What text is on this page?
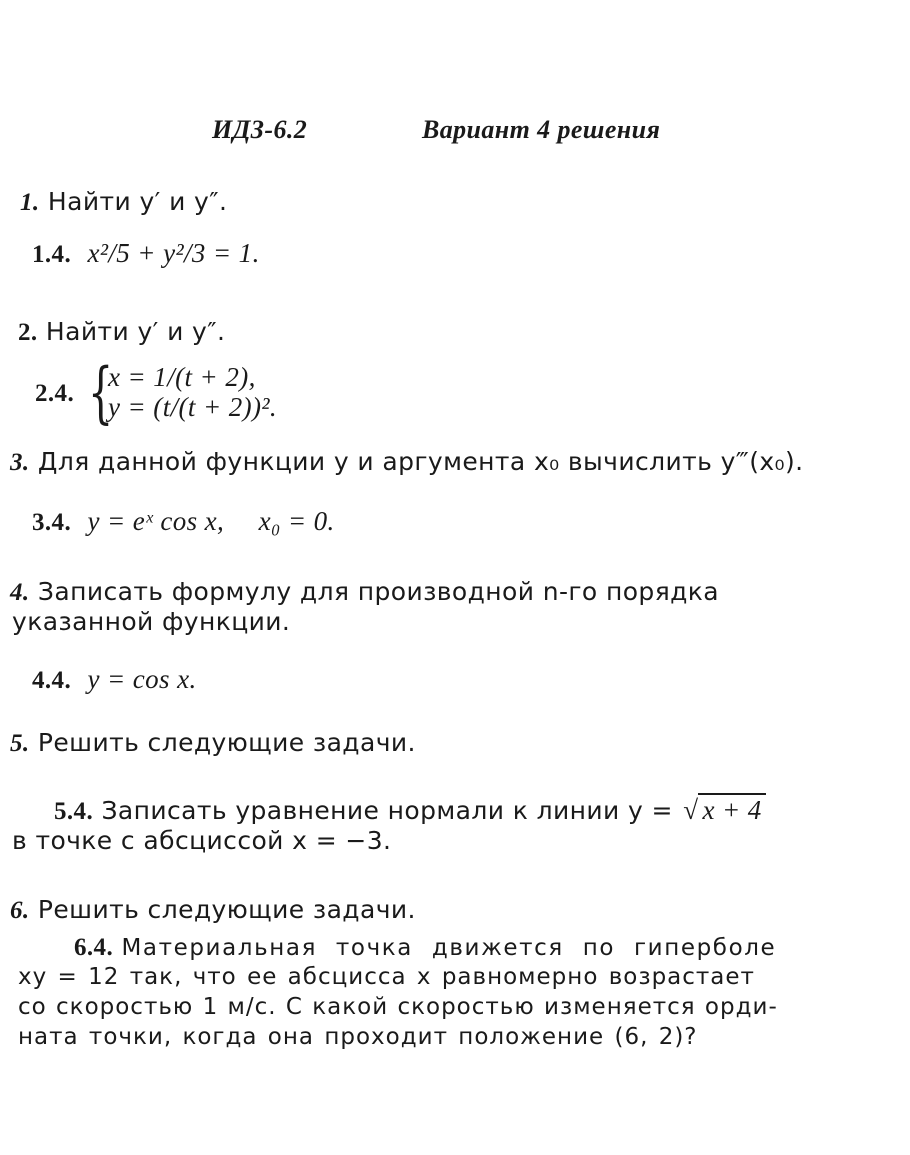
ИДЗ-6.2	Вариант 4 решения
1. Найти y′ и y″.
1.4. x²/5 + y²/3 = 1.
2. Найти y′ и y″.
2.4. {
x = 1/(t + 2),
y = (t/(t + 2))².
3. Для данной функции y и аргумента x₀ вычислить y‴(x₀).
3.4. y = eˣ cos x, x₀ = 0.
4. Записать формулу для производной n-го порядка
указанной функции.
4.4. y = cos x.
5. Решить следующие задачи.
5.4. Записать уравнение нормали к линии y = √ x + 4
в точке с абсциссой x = −3.
6. Решить следующие задачи.
6.4. Материальная точка движется по гиперболе
xy = 12 так, что ее абсцисса x равномерно возрастает
со скоростью 1 м/с. С какой скоростью изменяется орди-
ната точки, когда она проходит положение (6, 2)?
